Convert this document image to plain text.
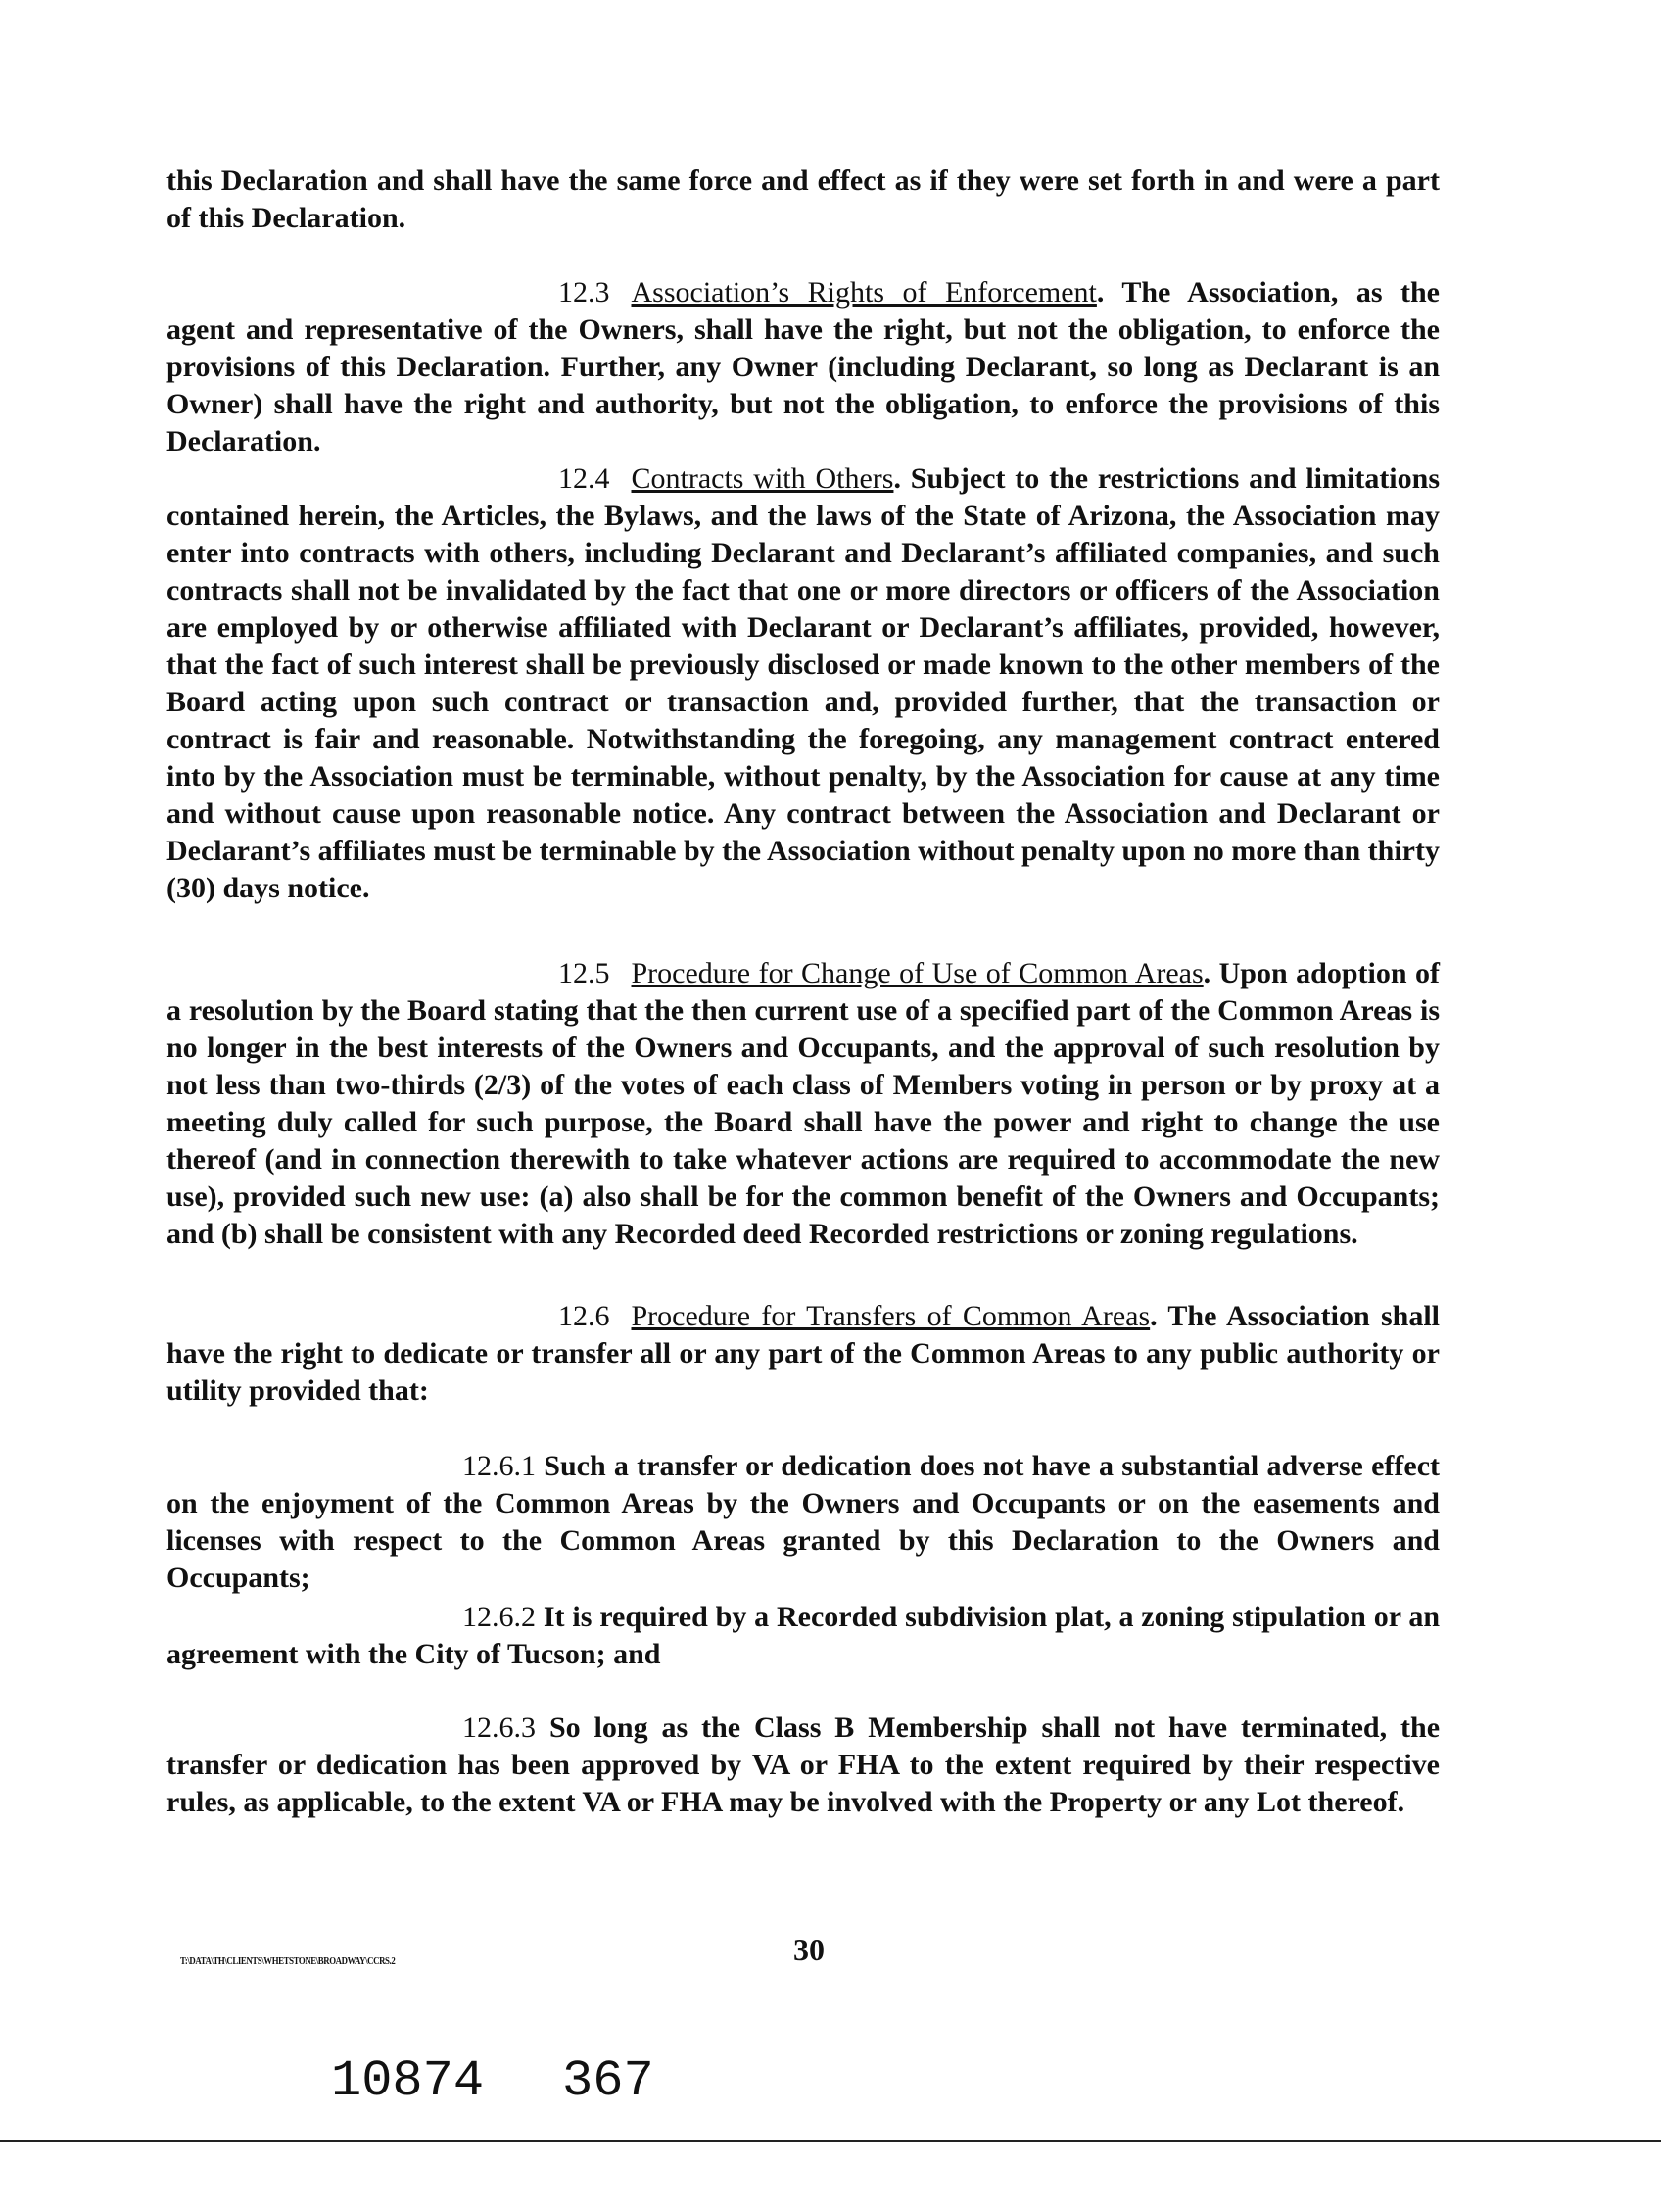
this Declaration and shall have the same force and effect as if they were set forth in and were a part of this Declaration.

12.3 Association’s Rights of Enforcement. The Association, as the agent and representative of the Owners, shall have the right, but not the obligation, to enforce the provisions of this Declaration. Further, any Owner (including Declarant, so long as Declarant is an Owner) shall have the right and authority, but not the obligation, to enforce the provisions of this Declaration.

12.4 Contracts with Others. Subject to the restrictions and limitations contained herein, the Articles, the Bylaws, and the laws of the State of Arizona, the Association may enter into contracts with others, including Declarant and Declarant’s affiliated companies, and such contracts shall not be invalidated by the fact that one or more directors or officers of the Association are employed by or otherwise affiliated with Declarant or Declarant’s affiliates, provided, however, that the fact of such interest shall be previously disclosed or made known to the other members of the Board acting upon such contract or transaction and, provided further, that the transaction or contract is fair and reasonable. Notwithstanding the foregoing, any management contract entered into by the Association must be terminable, without penalty, by the Association for cause at any time and without cause upon reasonable notice. Any contract between the Association and Declarant or Declarant’s affiliates must be terminable by the Association without penalty upon no more than thirty (30) days notice.

12.5 Procedure for Change of Use of Common Areas. Upon adoption of a resolution by the Board stating that the then current use of a specified part of the Common Areas is no longer in the best interests of the Owners and Occupants, and the approval of such resolution by not less than two-thirds (2/3) of the votes of each class of Members voting in person or by proxy at a meeting duly called for such purpose, the Board shall have the power and right to change the use thereof (and in connection therewith to take whatever actions are required to accommodate the new use), provided such new use: (a) also shall be for the common benefit of the Owners and Occupants; and (b) shall be consistent with any Recorded deed Recorded restrictions or zoning regulations.

12.6 Procedure for Transfers of Common Areas. The Association shall have the right to dedicate or transfer all or any part of the Common Areas to any public authority or utility provided that:

12.6.1 Such a transfer or dedication does not have a substantial adverse effect on the enjoyment of the Common Areas by the Owners and Occupants or on the easements and licenses with respect to the Common Areas granted by this Declaration to the Owners and Occupants;

12.6.2 It is required by a Recorded subdivision plat, a zoning stipulation or an agreement with the City of Tucson; and

12.6.3 So long as the Class B Membership shall not have terminated, the transfer or dedication has been approved by VA or FHA to the extent required by their respective rules, as applicable, to the extent VA or FHA may be involved with the Property or any Lot thereof.

T:\DATA\TH\CLIENTS\WHETSTONE\BROADWAY\CCRS.2	30
10874 367
